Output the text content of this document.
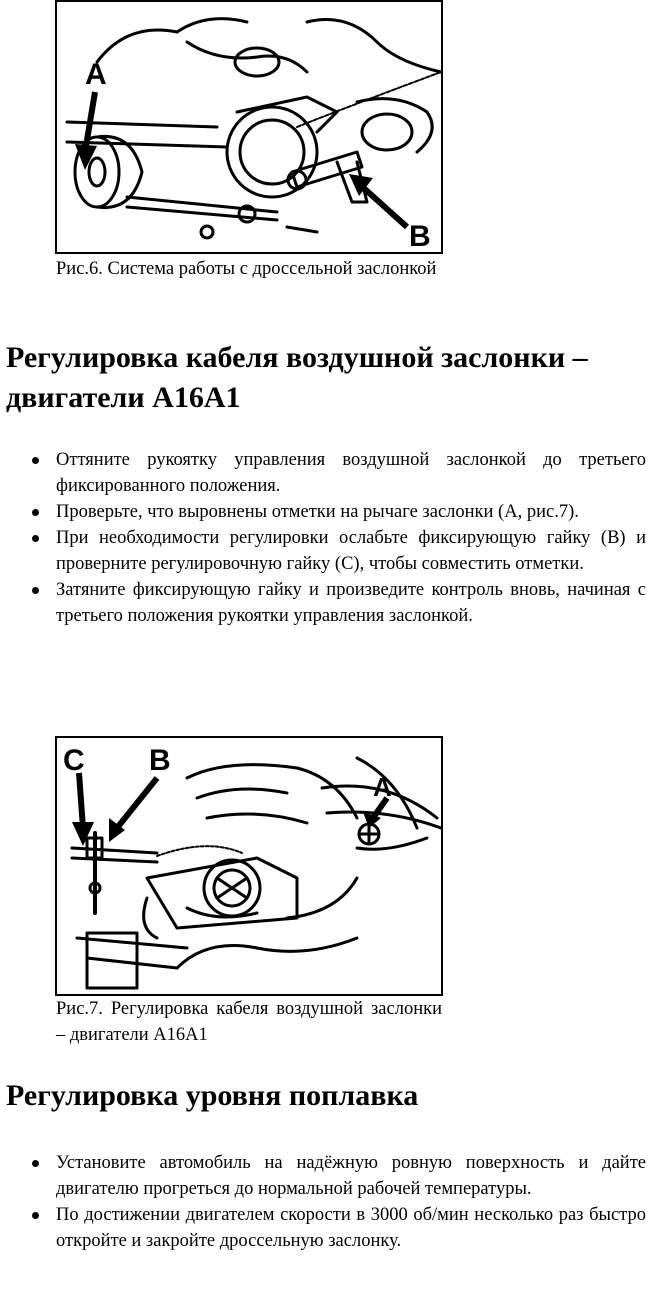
A
B
Рис.6. Система работы с дроссельной заслонкой
Регулировка кабеля воздушной заслонки – двигатели A16A1
Оттяните рукоятку управления воздушной заслонкой до третьего фиксированного положения.
Проверьте, что выровнены отметки на рычаге заслонки (А, рис.7).
При необходимости регулировки ослабьте фиксирующую гайку (В) и проверните регулировочную гайку (С), чтобы совместить отметки.
Затяните фиксирующую гайку и произведите контроль вновь, начиная с третьего положения рукоятки управления заслонкой.
C B
A
Рис.7. Регулировка кабеля воздушной заслонки – двигатели A16A1
Регулировка уровня поплавка
Установите автомобиль на надёжную ровную поверхность и дайте двигателю прогреться до нормальной рабочей температуры.
По достижении двигателем скорости в 3000 об/мин несколько раз быстро откройте и закройте дроссельную заслонку.
